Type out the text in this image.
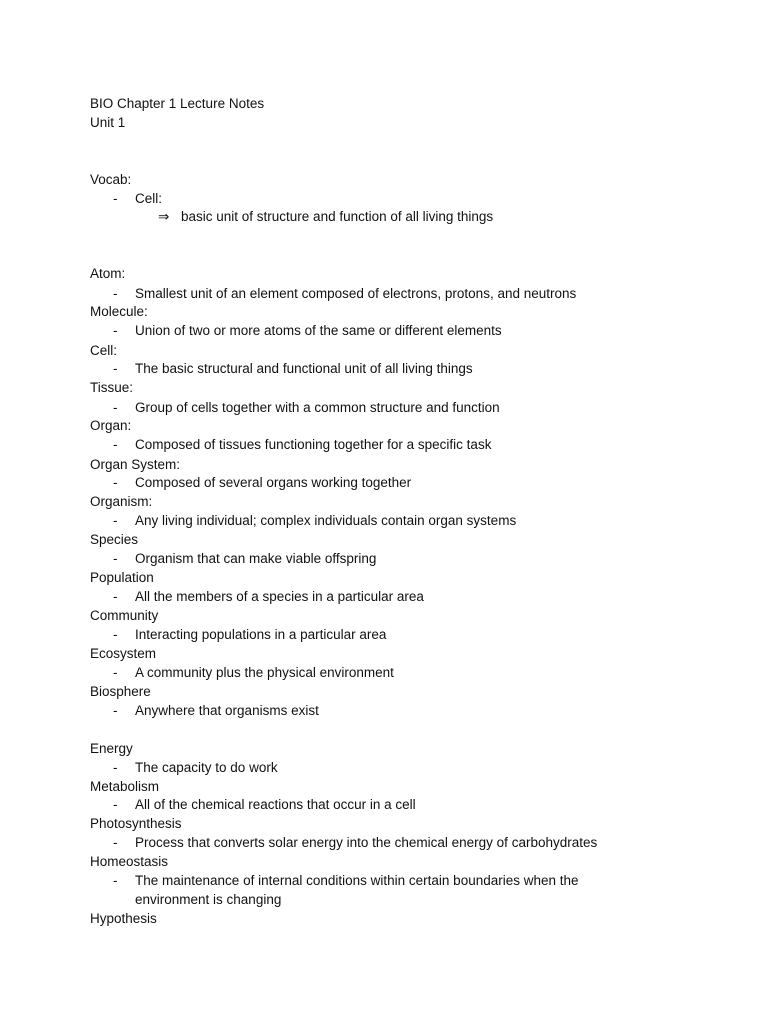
BIO Chapter 1 Lecture Notes
Unit 1
Vocab:
- Cell:
⇒ basic unit of structure and function of all living things
Atom:
- Smallest unit of an element composed of electrons, protons, and neutrons
Molecule:
- Union of two or more atoms of the same or different elements
Cell:
- The basic structural and functional unit of all living things
Tissue:
- Group of cells together with a common structure and function
Organ:
- Composed of tissues functioning together for a specific task
Organ System:
- Composed of several organs working together
Organism:
- Any living individual; complex individuals contain organ systems
Species
- Organism that can make viable offspring
Population
- All the members of a species in a particular area
Community
- Interacting populations in a particular area
Ecosystem
- A community plus the physical environment
Biosphere
- Anywhere that organisms exist
Energy
- The capacity to do work
Metabolism
- All of the chemical reactions that occur in a cell
Photosynthesis
- Process that converts solar energy into the chemical energy of carbohydrates
Homeostasis
- The maintenance of internal conditions within certain boundaries when the
environment is changing
Hypothesis
